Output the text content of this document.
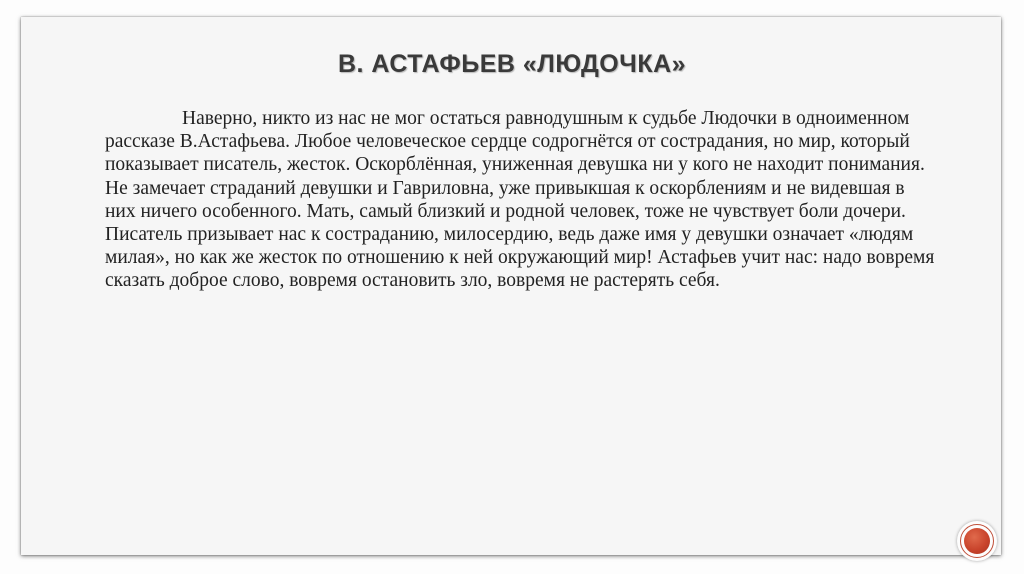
В. АСТАФЬЕВ «ЛЮДОЧКА»

Наверно, никто из нас не мог остаться равнодушным к судьбе Людочки в одноименном рассказе В.Астафьева. Любое человеческое сердце содрогнётся от сострадания, но мир, который показывает писатель, жесток. Оскорблённая, униженная девушка ни у кого не находит понимания. Не замечает страданий девушки и Гавриловна, уже привыкшая к оскорблениям и не видевшая в них ничего особенного. Мать, самый близкий и родной человек, тоже не чувствует боли дочери. Писатель призывает нас к состраданию, милосердию, ведь даже имя у девушки означает «людям милая», но как же жесток по отношению к ней окружающий мир! Астафьев учит нас: надо вовремя сказать доброе слово, вовремя остановить зло, вовремя не растерять себя.
